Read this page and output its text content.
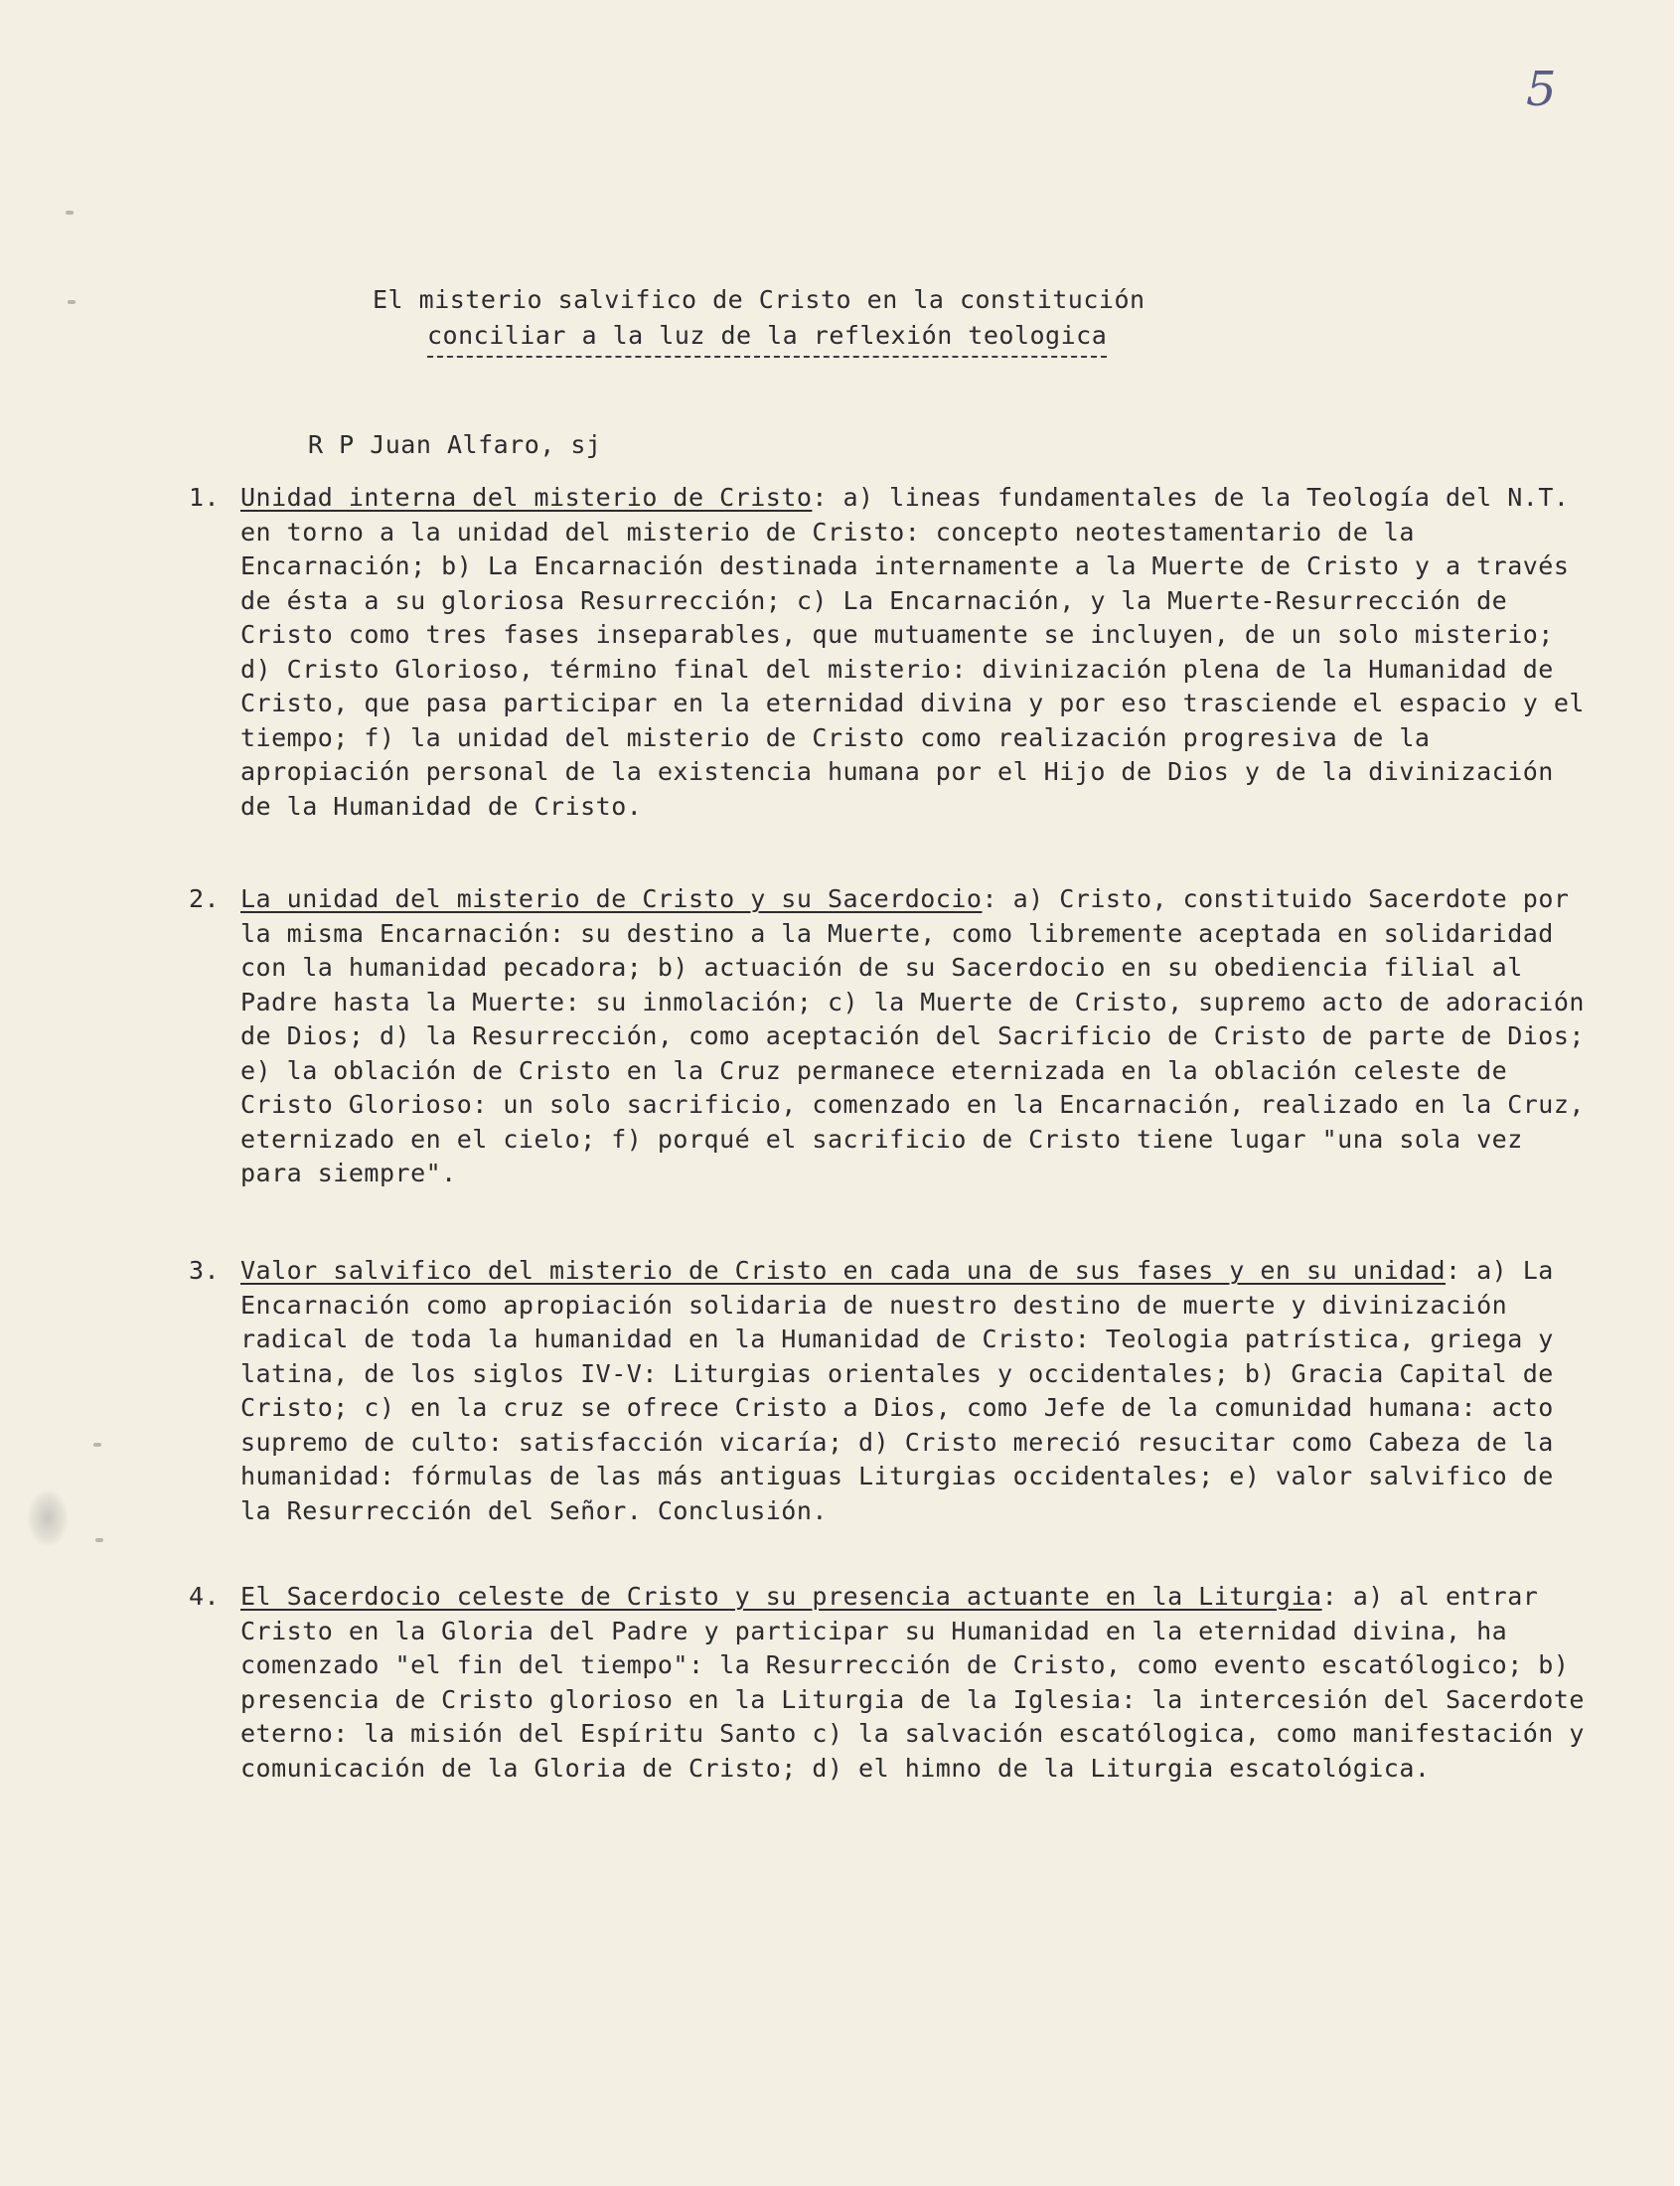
5
El misterio salvifico de Cristo en la constitución
conciliar a la luz de la reflexión teologica
R P Juan Alfaro, sj
1. Unidad interna del misterio de Cristo: a) lineas fundamentales de la Teología del N.T. en torno a la unidad del misterio de Cristo: concepto neotestamentario de la Encarnación; b) La Encarnación destinada internamente a la Muerte de Cristo y a través de ésta a su gloriosa Resurrección; c) La Encarnación, y la Muerte-Resurrección de Cristo como tres fases inseparables, que mutuamente se incluyen, de un solo misterio; d) Cristo Glorioso, término final del misterio: divinización plena de la Humanidad de Cristo, que pasa participar en la eternidad divina y por eso trasciende el espacio y el tiempo; f) la unidad del misterio de Cristo como realización progresiva de la apropiación personal de la existencia humana por el Hijo de Dios y de la divinización de la Humanidad de Cristo.
2. La unidad del misterio de Cristo y su Sacerdocio: a) Cristo, constituido Sacerdote por la misma Encarnación: su destino a la Muerte, como libremente aceptada en solidaridad con la humanidad pecadora; b) actuación de su Sacerdocio en su obediencia filial al Padre hasta la Muerte: su inmolación; c) la Muerte de Cristo, supremo acto de adoración de Dios; d) la Resurrección, como aceptación del Sacrificio de Cristo de parte de Dios; e) la oblación de Cristo en la Cruz permanece eternizada en la oblación celeste de Cristo Glorioso: un solo sacrificio, comenzado en la Encarnación, realizado en la Cruz, eternizado en el cielo; f) porqué el sacrificio de Cristo tiene lugar "una sola vez para siempre".
3. Valor salvifico del misterio de Cristo en cada una de sus fases y en su unidad: a) La Encarnación como apropiación solidaria de nuestro destino de muerte y divinización radical de toda la humanidad en la Humanidad de Cristo: Teologia patrística, griega y latina, de los siglos IV-V: Liturgias orientales y occidentales; b) Gracia Capital de Cristo; c) en la cruz se ofrece Cristo a Dios, como Jefe de la comunidad humana: acto supremo de culto: satisfacción vicaría; d) Cristo mereció resucitar como Cabeza de la humanidad: fórmulas de las más antiguas Liturgias occidentales; e) valor salvifico de la Resurrección del Señor. Conclusión.
4. El Sacerdocio celeste de Cristo y su presencia actuante en la Liturgia: a) al entrar Cristo en la Gloria del Padre y participar su Humanidad en la eternidad divina, ha comenzado "el fin del tiempo": la Resurrección de Cristo, como evento escatólogico; b) presencia de Cristo glorioso en la Liturgia de la Iglesia: la intercesión del Sacerdote eterno: la misión del Espíritu Santo c) la salvación escatólogica, como manifestación y comunicación de la Gloria de Cristo; d) el himno de la Liturgia escatológica.
